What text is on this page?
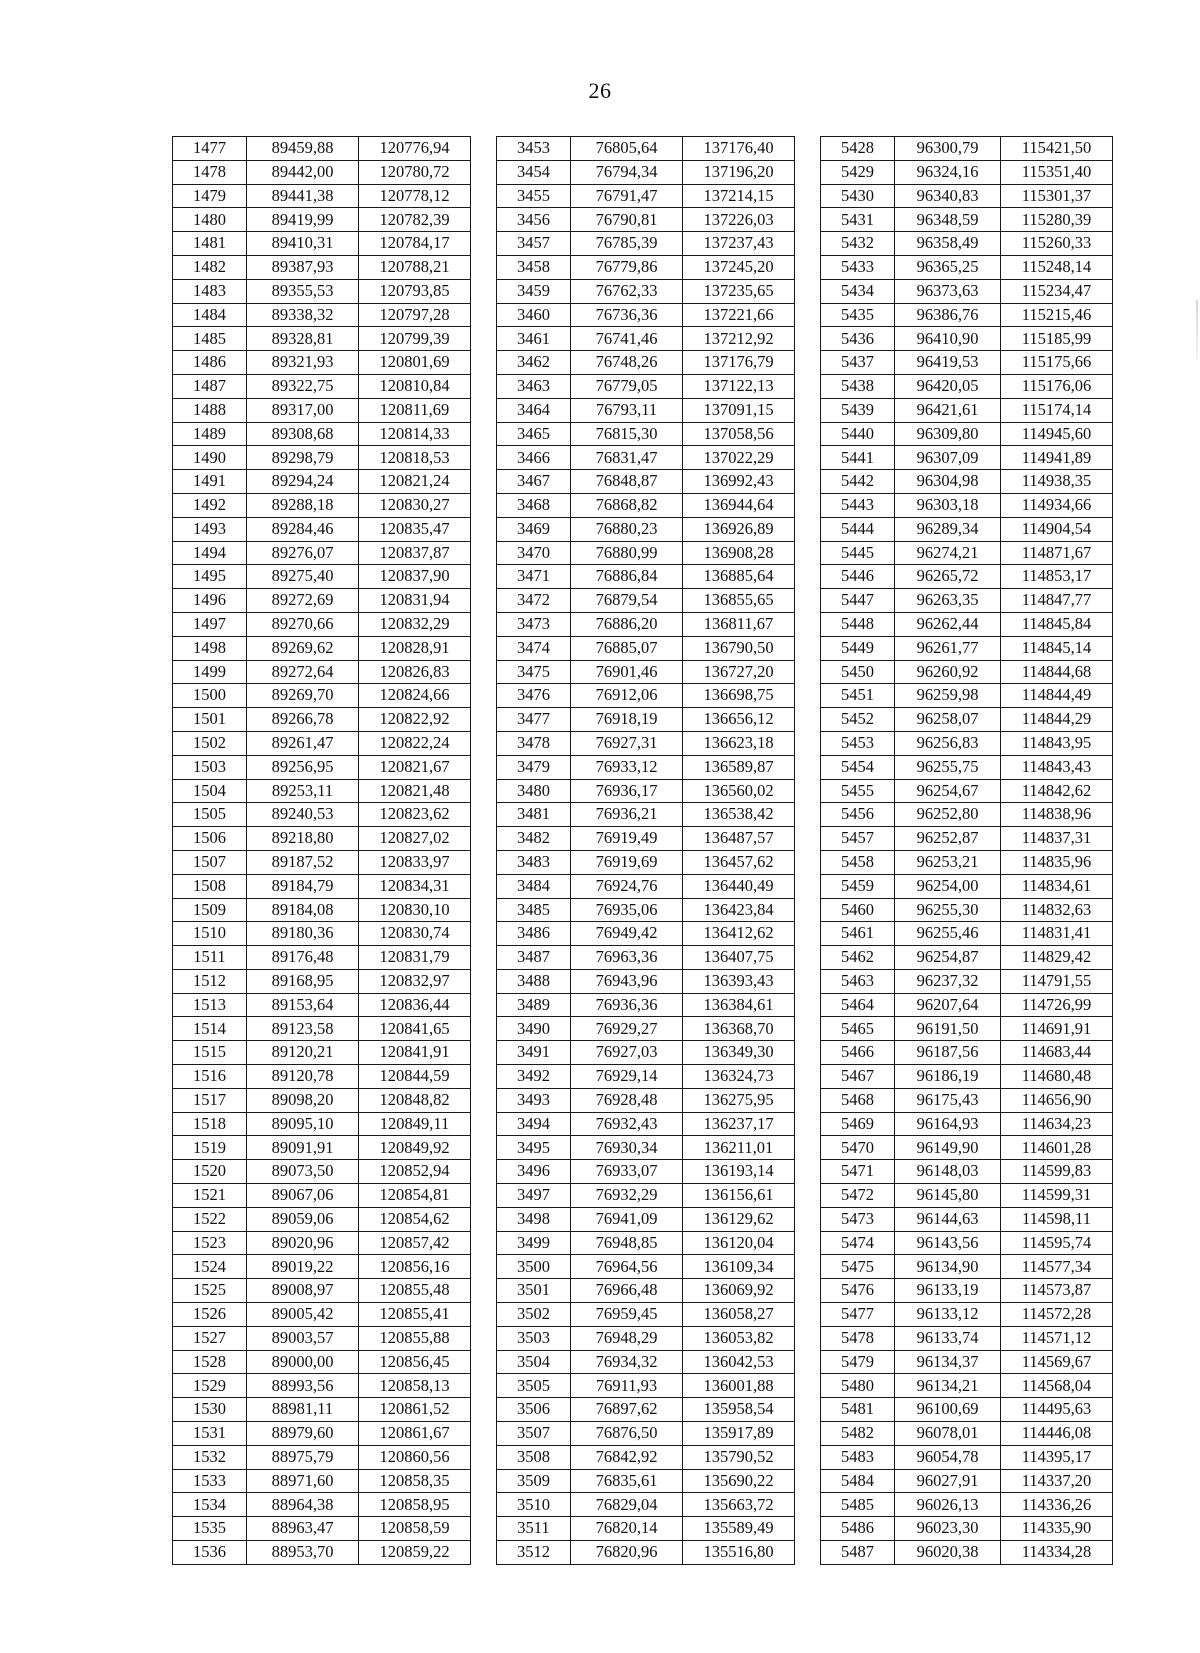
26
1477	89459,88	120776,94		3453	76805,64	137176,40		5428	96300,79	115421,50
1478	89442,00	120780,72		3454	76794,34	137196,20		5429	96324,16	115351,40
1479	89441,38	120778,12		3455	76791,47	137214,15		5430	96340,83	115301,37
1480	89419,99	120782,39		3456	76790,81	137226,03		5431	96348,59	115280,39
1481	89410,31	120784,17		3457	76785,39	137237,43		5432	96358,49	115260,33
1482	89387,93	120788,21		3458	76779,86	137245,20		5433	96365,25	115248,14
1483	89355,53	120793,85		3459	76762,33	137235,65		5434	96373,63	115234,47
1484	89338,32	120797,28		3460	76736,36	137221,66		5435	96386,76	115215,46
1485	89328,81	120799,39		3461	76741,46	137212,92		5436	96410,90	115185,99
1486	89321,93	120801,69		3462	76748,26	137176,79		5437	96419,53	115175,66
1487	89322,75	120810,84		3463	76779,05	137122,13		5438	96420,05	115176,06
1488	89317,00	120811,69		3464	76793,11	137091,15		5439	96421,61	115174,14
1489	89308,68	120814,33		3465	76815,30	137058,56		5440	96309,80	114945,60
1490	89298,79	120818,53		3466	76831,47	137022,29		5441	96307,09	114941,89
1491	89294,24	120821,24		3467	76848,87	136992,43		5442	96304,98	114938,35
1492	89288,18	120830,27		3468	76868,82	136944,64		5443	96303,18	114934,66
1493	89284,46	120835,47		3469	76880,23	136926,89		5444	96289,34	114904,54
1494	89276,07	120837,87		3470	76880,99	136908,28		5445	96274,21	114871,67
1495	89275,40	120837,90		3471	76886,84	136885,64		5446	96265,72	114853,17
1496	89272,69	120831,94		3472	76879,54	136855,65		5447	96263,35	114847,77
1497	89270,66	120832,29		3473	76886,20	136811,67		5448	96262,44	114845,84
1498	89269,62	120828,91		3474	76885,07	136790,50		5449	96261,77	114845,14
1499	89272,64	120826,83		3475	76901,46	136727,20		5450	96260,92	114844,68
1500	89269,70	120824,66		3476	76912,06	136698,75		5451	96259,98	114844,49
1501	89266,78	120822,92		3477	76918,19	136656,12		5452	96258,07	114844,29
1502	89261,47	120822,24		3478	76927,31	136623,18		5453	96256,83	114843,95
1503	89256,95	120821,67		3479	76933,12	136589,87		5454	96255,75	114843,43
1504	89253,11	120821,48		3480	76936,17	136560,02		5455	96254,67	114842,62
1505	89240,53	120823,62		3481	76936,21	136538,42		5456	96252,80	114838,96
1506	89218,80	120827,02		3482	76919,49	136487,57		5457	96252,87	114837,31
1507	89187,52	120833,97		3483	76919,69	136457,62		5458	96253,21	114835,96
1508	89184,79	120834,31		3484	76924,76	136440,49		5459	96254,00	114834,61
1509	89184,08	120830,10		3485	76935,06	136423,84		5460	96255,30	114832,63
1510	89180,36	120830,74		3486	76949,42	136412,62		5461	96255,46	114831,41
1511	89176,48	120831,79		3487	76963,36	136407,75		5462	96254,87	114829,42
1512	89168,95	120832,97		3488	76943,96	136393,43		5463	96237,32	114791,55
1513	89153,64	120836,44		3489	76936,36	136384,61		5464	96207,64	114726,99
1514	89123,58	120841,65		3490	76929,27	136368,70		5465	96191,50	114691,91
1515	89120,21	120841,91		3491	76927,03	136349,30		5466	96187,56	114683,44
1516	89120,78	120844,59		3492	76929,14	136324,73		5467	96186,19	114680,48
1517	89098,20	120848,82		3493	76928,48	136275,95		5468	96175,43	114656,90
1518	89095,10	120849,11		3494	76932,43	136237,17		5469	96164,93	114634,23
1519	89091,91	120849,92		3495	76930,34	136211,01		5470	96149,90	114601,28
1520	89073,50	120852,94		3496	76933,07	136193,14		5471	96148,03	114599,83
1521	89067,06	120854,81		3497	76932,29	136156,61		5472	96145,80	114599,31
1522	89059,06	120854,62		3498	76941,09	136129,62		5473	96144,63	114598,11
1523	89020,96	120857,42		3499	76948,85	136120,04		5474	96143,56	114595,74
1524	89019,22	120856,16		3500	76964,56	136109,34		5475	96134,90	114577,34
1525	89008,97	120855,48		3501	76966,48	136069,92		5476	96133,19	114573,87
1526	89005,42	120855,41		3502	76959,45	136058,27		5477	96133,12	114572,28
1527	89003,57	120855,88		3503	76948,29	136053,82		5478	96133,74	114571,12
1528	89000,00	120856,45		3504	76934,32	136042,53		5479	96134,37	114569,67
1529	88993,56	120858,13		3505	76911,93	136001,88		5480	96134,21	114568,04
1530	88981,11	120861,52		3506	76897,62	135958,54		5481	96100,69	114495,63
1531	88979,60	120861,67		3507	76876,50	135917,89		5482	96078,01	114446,08
1532	88975,79	120860,56		3508	76842,92	135790,52		5483	96054,78	114395,17
1533	88971,60	120858,35		3509	76835,61	135690,22		5484	96027,91	114337,20
1534	88964,38	120858,95		3510	76829,04	135663,72		5485	96026,13	114336,26
1535	88963,47	120858,59		3511	76820,14	135589,49		5486	96023,30	114335,90
1536	88953,70	120859,22		3512	76820,96	135516,80		5487	96020,38	114334,28
